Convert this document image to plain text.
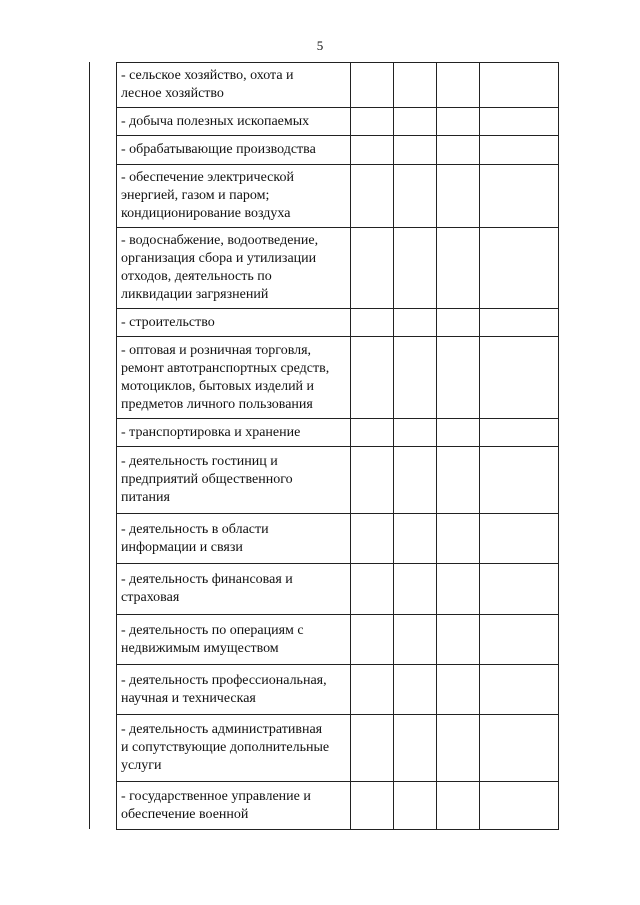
5
- сельское хозяйство, охота и
лесное хозяйство				

- добыча полезных ископаемых				

- обрабатывающие производства				

- обеспечение электрической
энергией, газом и паром;
кондиционирование воздуха				

- водоснабжение, водоотведение,
организация сбора и утилизации
отходов, деятельность по
ликвидации загрязнений				

- строительство				

- оптовая и розничная торговля,
ремонт автотранспортных средств,
мотоциклов, бытовых изделий и
предметов личного пользования				

- транспортировка и хранение				

- деятельность гостиниц и
предприятий общественного
питания				

- деятельность в области
информации и связи				

- деятельность финансовая и
страховая				

- деятельность по операциям с
недвижимым имуществом				

- деятельность профессиональная,
научная и техническая				

- деятельность административная
и сопутствующие дополнительные
услуги				

- государственное управление и
обеспечение военной				
